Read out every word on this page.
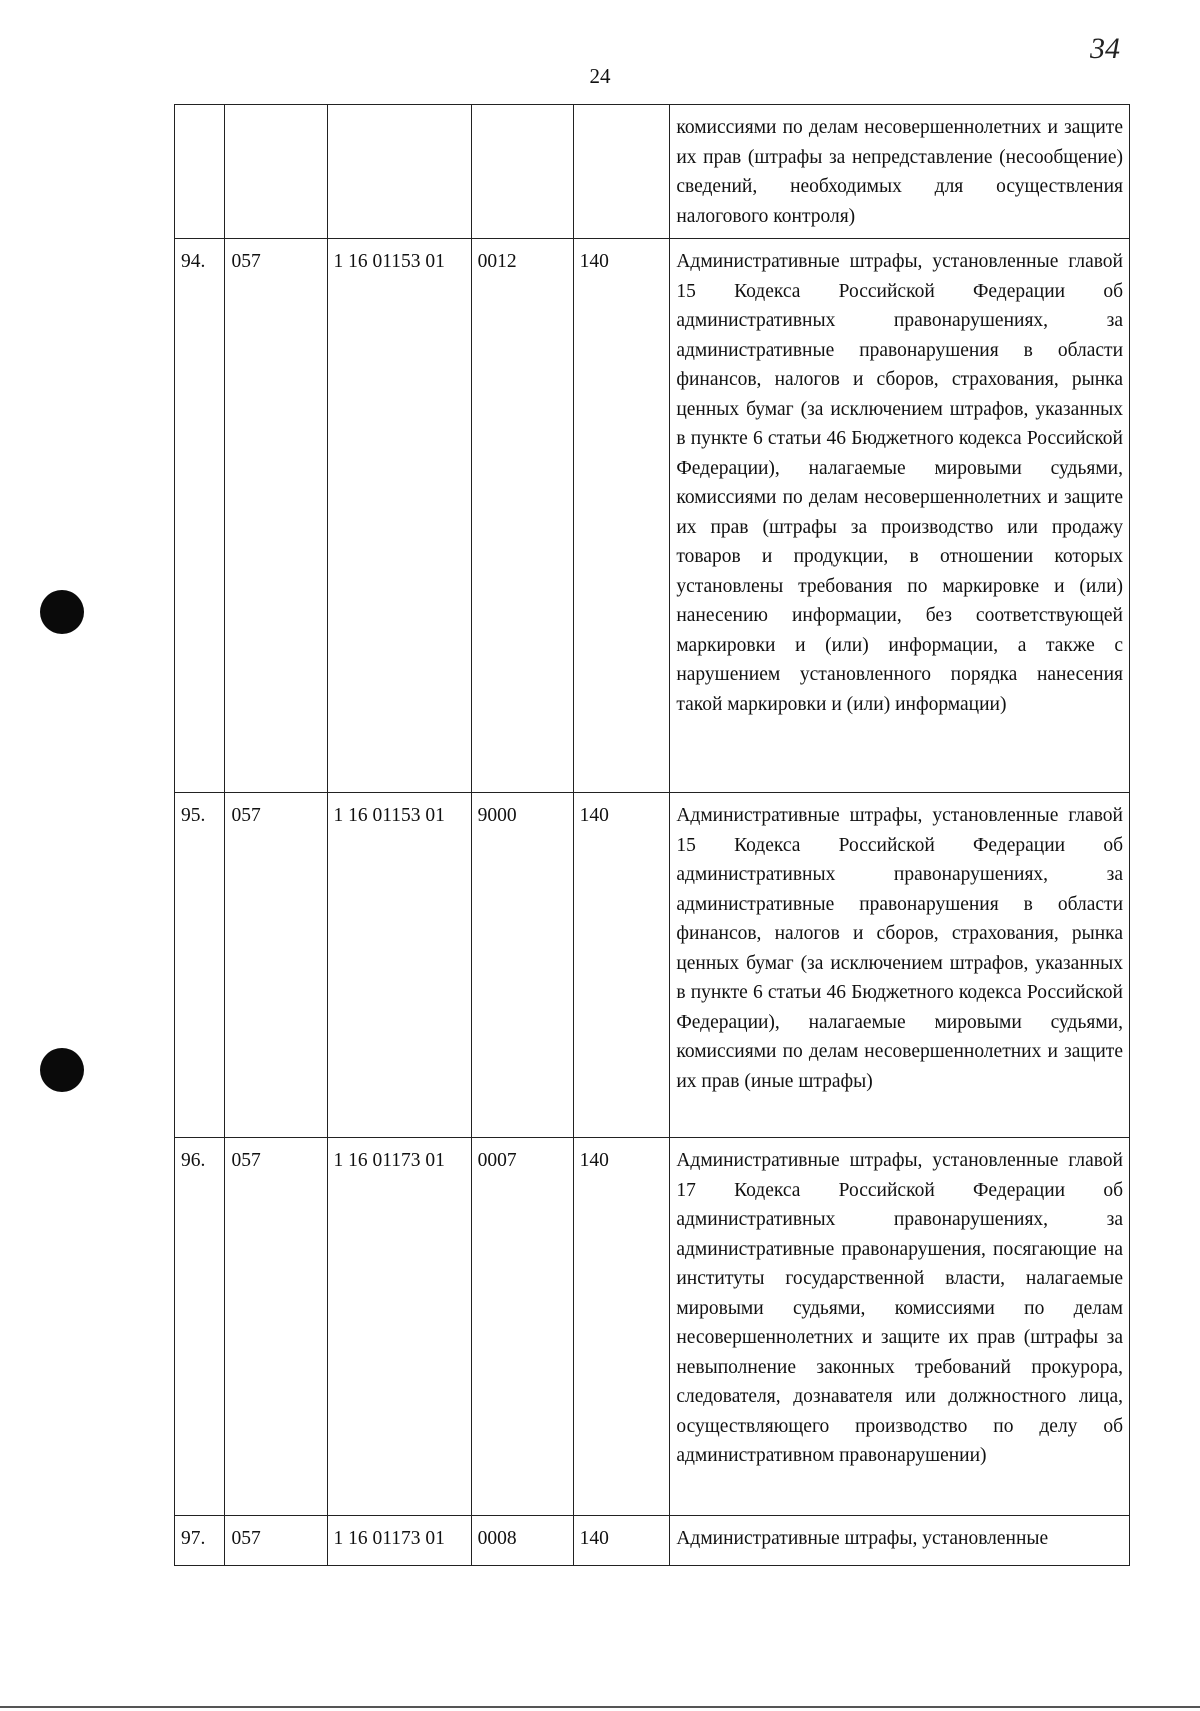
24
34
					комиссиями по делам несовершеннолетних и защите их прав (штрафы за непредставление (несообщение) сведений, необходимых для осуществления налогового контроля)
94.	057	1 16 01153 01	0012	140	Административные штрафы, установленные главой 15 Кодекса Российской Федерации об административных правонарушениях, за административные правонарушения в области финансов, налогов и сборов, страхования, рынка ценных бумаг (за исключением штрафов, указанных в пункте 6 статьи 46 Бюджетного кодекса Российской Федерации), налагаемые мировыми судьями, комиссиями по делам несовершеннолетних и защите их прав (штрафы за производство или продажу товаров и продукции, в отношении которых установлены требования по маркировке и (или) нанесению информации, без соответствующей маркировки и (или) информации, а также с нарушением установленного порядка нанесения такой маркировки и (или) информации)
95.	057	1 16 01153 01	9000	140	Административные штрафы, установленные главой 15 Кодекса Российской Федерации об административных правонарушениях, за административные правонарушения в области финансов, налогов и сборов, страхования, рынка ценных бумаг (за исключением штрафов, указанных в пункте 6 статьи 46 Бюджетного кодекса Российской Федерации), налагаемые мировыми судьями, комиссиями по делам несовершеннолетних и защите их прав (иные штрафы)
96.	057	1 16 01173 01	0007	140	Административные штрафы, установленные главой 17 Кодекса Российской Федерации об административных правонарушениях, за административные правонарушения, посягающие на институты государственной власти, налагаемые мировыми судьями, комиссиями по делам несовершеннолетних и защите их прав (штрафы за невыполнение законных требований прокурора, следователя, дознавателя или должностного лица, осуществляющего производство по делу об административном правонарушении)
97.	057	1 16 01173 01	0008	140	Административные штрафы, установленные
